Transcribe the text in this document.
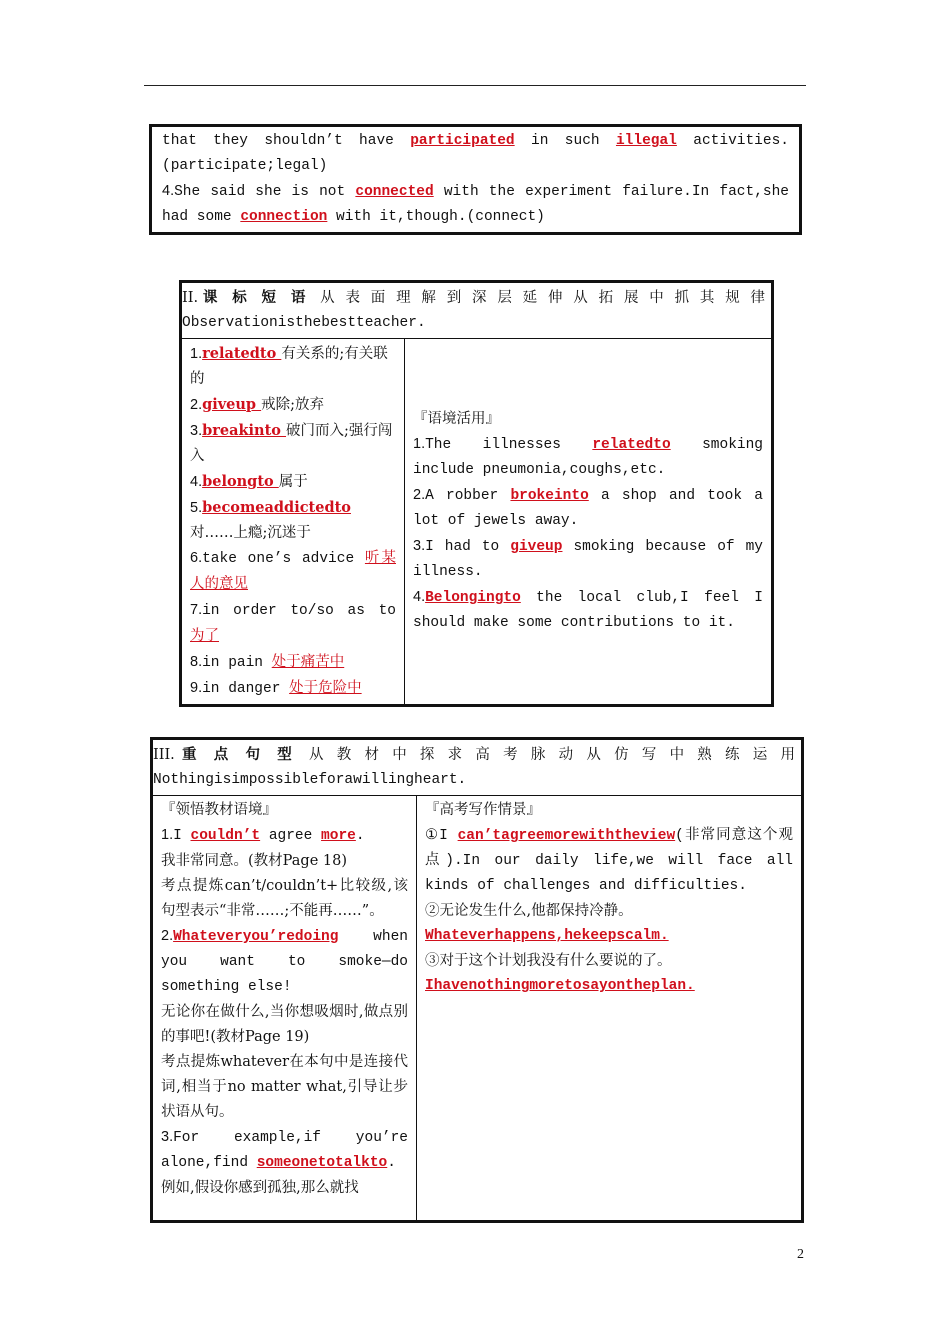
that they shouldn’t have participated in such illegal activities.

(participate;legal)

4.She said she is not connected with the experiment failure.In fact,she had some connection with it,though.(connect)

II.课标短语从表面理解到深层延伸从拓展中抓其规律

Observationisthebestteacher.

1.relatedto 有关系的;有关联的

2.giveup 戒除;放弃

3.breakinto 破门而入;强行闯入

4.belongto 属于

5.becomeaddictedto 对……上瘾;沉迷于

6.take one’s advice 听某人的意见

7.in order to/so as to 为了

8.in pain 处于痛苦中

9.in danger 处于危险中

『语境活用』

1.The illnesses relatedto smoking include pneumonia,coughs,etc.

2.A robber brokeinto a shop and took a lot of jewels away.

3.I had to giveup smoking because of my illness.

4.Belongingto the local club,I feel I should make some contributions to it.

III.重点句型从教材中探求高考脉动从仿写中熟练运用

Nothingisimpossibleforawillingheart.

『领悟教材语境』

1.I couldn’t agree more.

我非常同意。(教材Page 18)

考点提炼can’t/couldn’t+比较级,该句型表示“非常……;不能再……”。

2.Whateveryou’redoing when you want to smoke—do something else!

无论你在做什么,当你想吸烟时,做点别的事吧!(教材Page 19)

考点提炼whatever在本句中是连接代词,相当于no matter what,引导让步状语从句。

3.For example,if you’re alone,find someonetotalkto.

例如,假设你感到孤独,那么就找

『高考写作情景』

①I can’tagreemorewiththeview(非常同意这个观点).In our daily life,we will face all kinds of challenges and difficulties.

②无论发生什么,他都保持冷静。

Whateverhappens,hekeepscalm.

③对于这个计划我没有什么要说的了。

Ihavenothingmoretosayontheplan.

2
